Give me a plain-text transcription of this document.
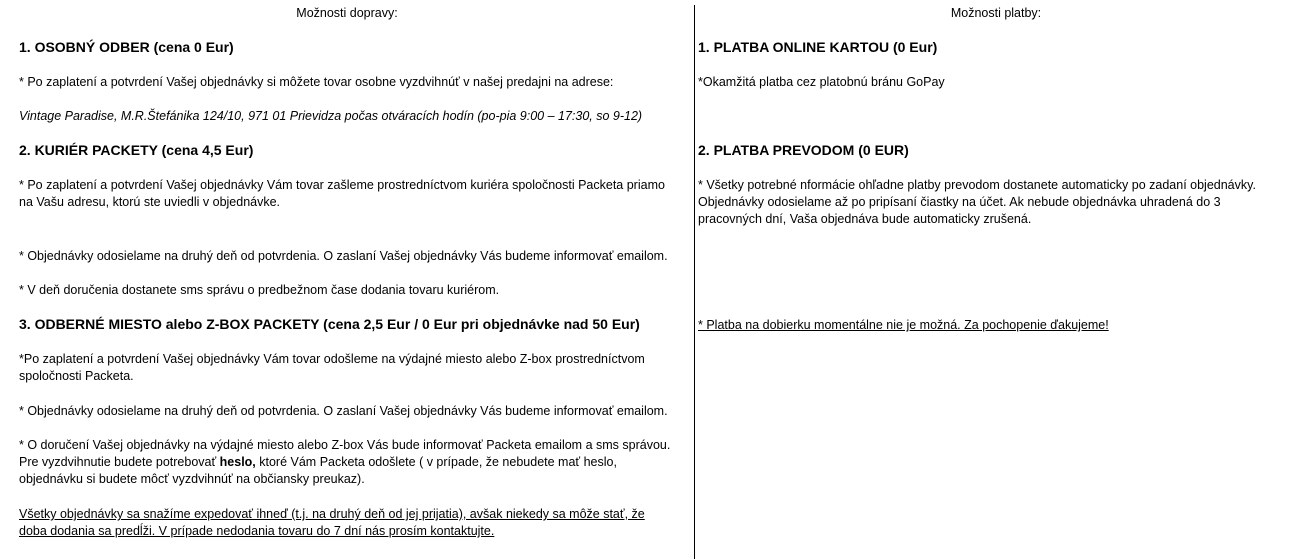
Možnosti dopravy:
1. OSOBNÝ ODBER (cena 0 Eur)
* Po zaplatení a potvrdení Vašej objednávky si môžete tovar osobne vyzdvihnúť v našej predajni na adrese:
Vintage Paradise, M.R.Štefánika 124/10, 971 01 Prievidza počas otváracích hodín (po-pia 9:00 – 17:30, so 9-12)
2. KURIÉR PACKETY (cena 4,5 Eur)
* Po zaplatení a potvrdení Vašej objednávky Vám tovar zašleme prostredníctvom kuriéra spoločnosti Packeta priamo
na Vašu adresu, ktorú ste uviedli v objednávke.
* Objednávky odosielame na druhý deň od potvrdenia. O zaslaní Vašej objednávky Vás budeme informovať emailom.
* V deň doručenia dostanete sms správu o predbežnom čase dodania tovaru kuriérom.
3. ODBERNÉ MIESTO alebo Z-BOX PACKETY (cena 2,5 Eur / 0 Eur pri objednávke nad 50 Eur)
*Po zaplatení a potvrdení Vašej objednávky Vám tovar odošleme na výdajné miesto alebo Z-box prostredníctvom
spoločnosti Packeta.
* Objednávky odosielame na druhý deň od potvrdenia. O zaslaní Vašej objednávky Vás budeme informovať emailom.
* O doručení Vašej objednávky na výdajné miesto alebo Z-box Vás bude informovať Packeta emailom a sms správou.
Pre vyzdvihnutie budete potrebovať heslo, ktoré Vám Packeta odošlete ( v prípade, že nebudete mať heslo,
objednávku si budete môcť vyzdvihnúť na občiansky preukaz).
Všetky objednávky sa snažíme expedovať ihneď (t.j. na druhý deň od jej prijatia), avšak niekedy sa môže stať, že
doba dodania sa predĺži. V prípade nedodania tovaru do 7 dní nás prosím kontaktujte.
Možnosti platby:
1. PLATBA ONLINE KARTOU (0 Eur)
*Okamžitá platba cez platobnú bránu GoPay
2. PLATBA PREVODOM (0 EUR)
* Všetky potrebné nformácie ohľadne platby prevodom dostanete automaticky po zadaní objednávky.
Objednávky odosielame až po pripísaní čiastky na účet. Ak nebude objednávka uhradená do 3
pracovných dní, Vaša objednáva bude automaticky zrušená.
* Platba na dobierku momentálne nie je možná. Za pochopenie ďakujeme!
